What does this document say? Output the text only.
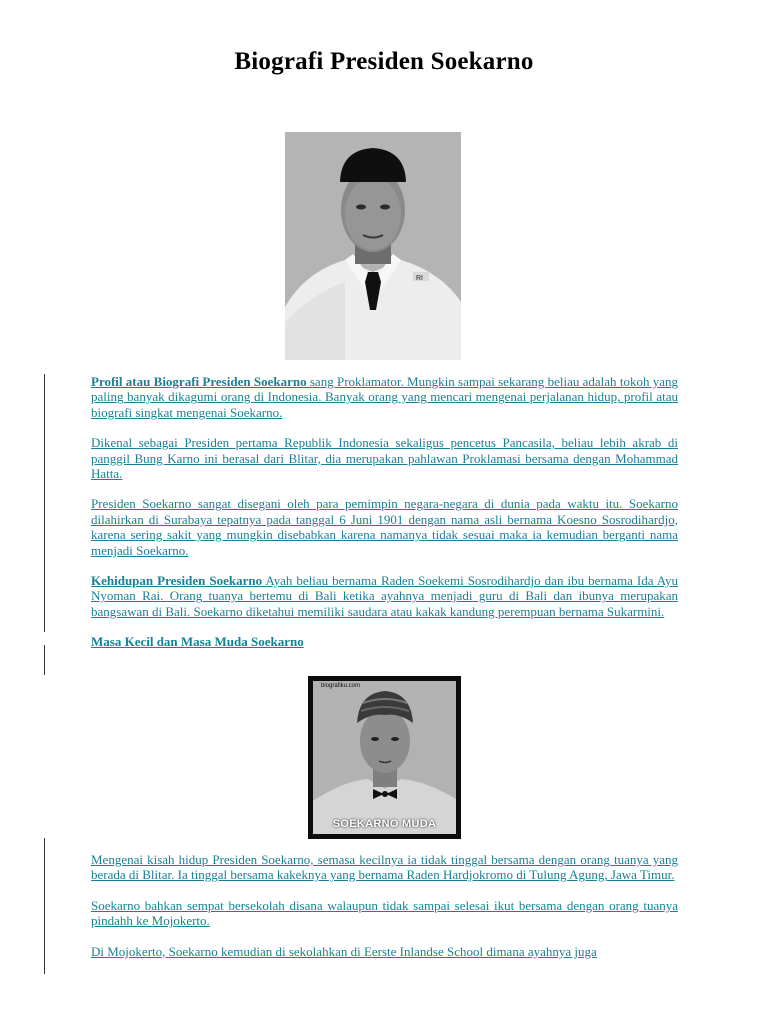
Biografi Presiden Soekarno
RI

Profil atau Biografi Presiden Soekarno sang Proklamator. Mungkin sampai sekarang beliau adalah tokoh yang paling banyak dikagumi orang di Indonesia. Banyak orang yang mencari mengenai perjalanan hidup, profil atau biografi singkat mengenai Soekarno.

Dikenal sebagai Presiden pertama Republik Indonesia sekaligus pencetus Pancasila, beliau lebih akrab di panggil Bung Karno ini berasal dari Blitar, dia merupakan pahlawan Proklamasi bersama dengan Mohammad Hatta.

Presiden Soekarno sangat disegani oleh para pemimpin negara-negara di dunia pada waktu itu. Soekarno dilahirkan di Surabaya tepatnya pada tanggal 6 Juni 1901 dengan nama asli bernama Koesno Sosrodihardjo, karena sering sakit yang mungkin disebabkan karena namanya tidak sesuai maka ia kemudian berganti nama menjadi Soekarno.

Kehidupan Presiden Soekarno Ayah beliau bernama Raden Soekemi Sosrodihardjo dan ibu bernama Ida Ayu Nyoman Rai. Orang tuanya bertemu di Bali ketika ayahnya menjadi guru di Bali dan ibunya merupakan bangsawan di Bali. Soekarno diketahui memiliki saudara atau kakak kandung perempuan bernama Sukarmini.

Masa Kecil dan Masa Muda Soekarno

biografiku.com
SOEKARNO MUDA

Mengenai kisah hidup Presiden Soekarno, semasa kecilnya ia tidak tinggal bersama dengan orang tuanya yang berada di Blitar. Ia tinggal bersama kakeknya yang bernama Raden Hardjokromo di Tulung Agung, Jawa Timur.

Soekarno bahkan sempat bersekolah disana walaupun tidak sampai selesai ikut bersama dengan orang tuanya pindahh ke Mojokerto.

Di Mojokerto, Soekarno kemudian di sekolahkan di Eerste Inlandse School dimana ayahnya juga
